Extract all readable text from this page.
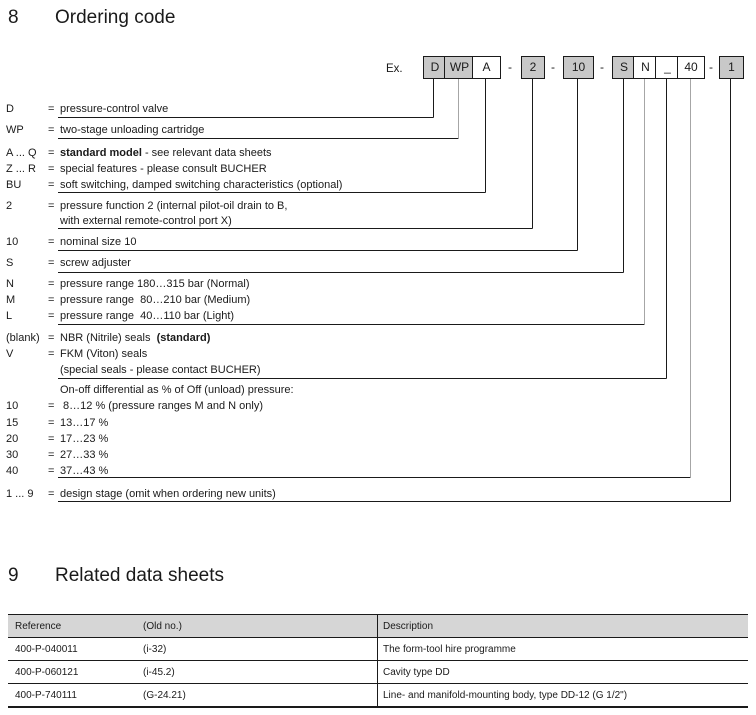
8 Ordering code
Ex.	D WP	A	2	10	S	N	_	40	1
-	-	-	-
D	= pressure-control valve
WP	= two-stage unloading cartridge
A ... Q	= standard model - see relevant data sheets
Z ... R	= special features - please consult BUCHER
BU	= soft switching, damped switching characteristics (optional)
2	= pressure function 2 (internal pilot-oil drain to B,
with external remote-control port X)
10	= nominal size 10
S	= screw adjuster
N	= pressure range 180…315 bar (Normal)
M	= pressure range  80…210 bar (Medium)
L	= pressure range  40…110 bar (Light)
(blank) = NBR (Nitrile) seals  (standard)
V	= FKM (Viton) seals
(special seals - please contact BUCHER)
On-off differential as % of Off (unload) pressure:
10	= 8…12 % (pressure ranges M and N only)
15	= 13…17 %
20	= 17…23 %
30	= 27…33 %
40	= 37…43 %
1 ... 9	= design stage (omit when ordering new units)
9 Related data sheets
Reference	(Old no.)	Description
400-P-040011	(i-32)	The form-tool hire programme
400-P-060121	(i-45.2)	Cavity type DD
400-P-740111	(G-24.21)	Line- and manifold-mounting body, type DD-12 (G 1/2")
